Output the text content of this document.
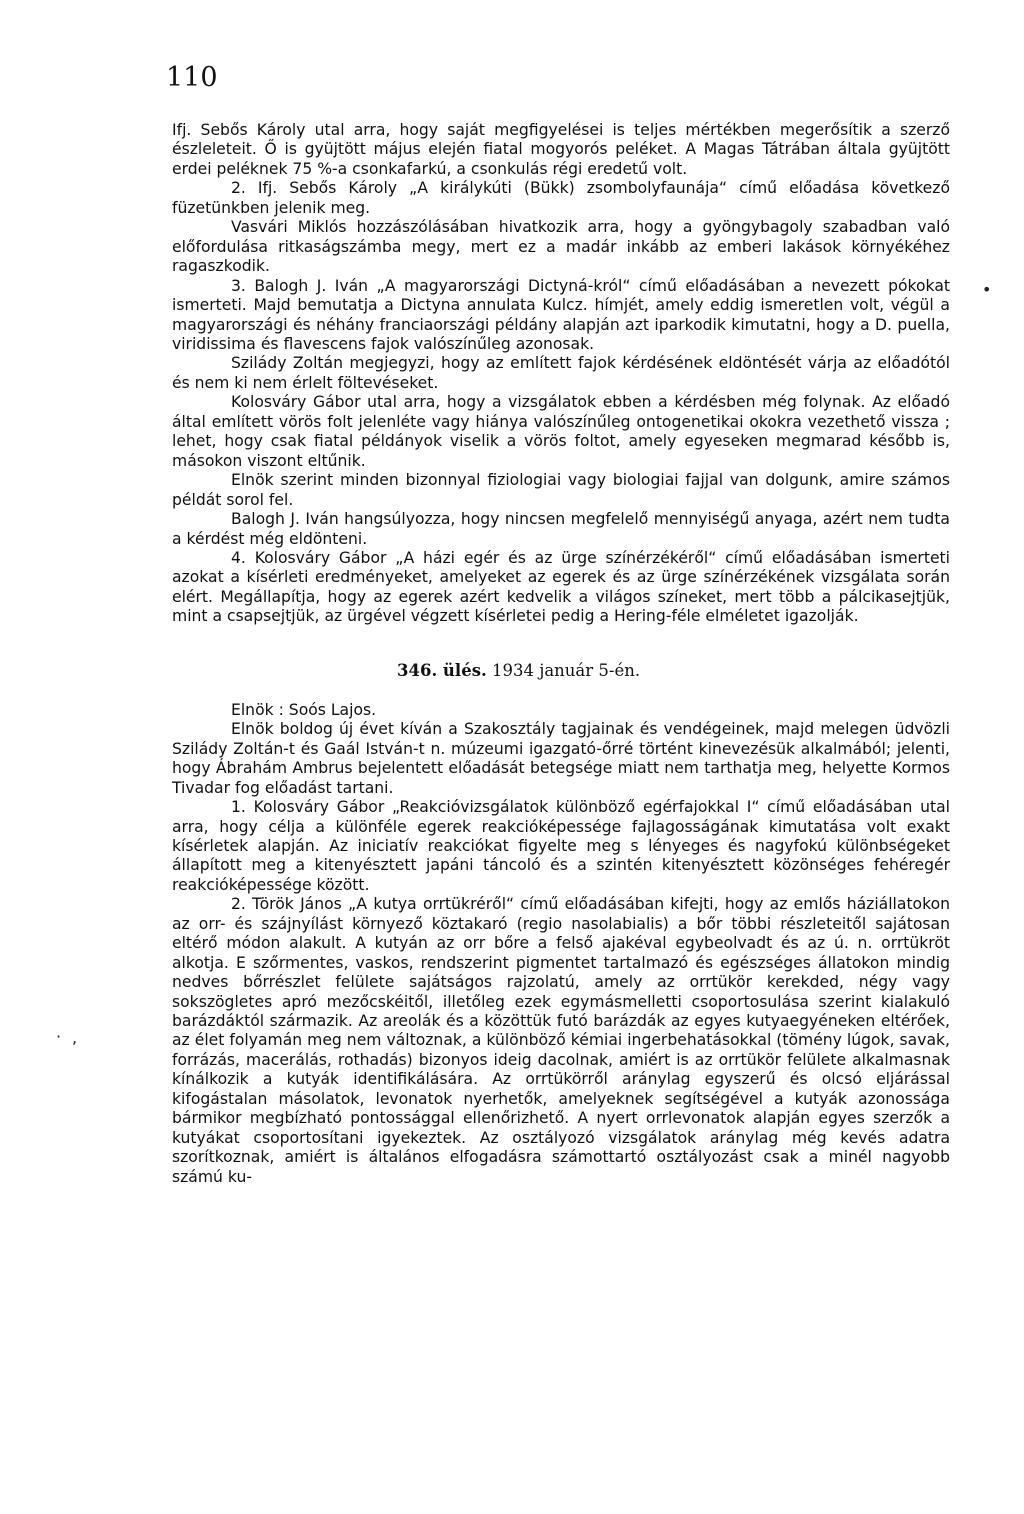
110
•
· ,

Ifj. Sebős Károly utal arra, hogy saját megfigyelései is teljes mértékben megerősítik a szerző észleleteit. Ő is gyüjtött május elején fiatal mogyorós peléket. A Magas Tátrában általa gyüjtött erdei peléknek 75 %-a csonkafarkú, a csonkulás régi eredetű volt.

2. Ifj. Sebős Károly „A királykúti (Bükk) zsombolyfaunája“ című előadása következő füzetünkben jelenik meg.

Vasvári Miklós hozzászólásában hivatkozik arra, hogy a gyöngybagoly szabadban való előfordulása ritkaságszámba megy, mert ez a madár inkább az emberi lakások környékéhez ragaszkodik.

3. Balogh J. Iván „A magyarországi Dictyná-król“ című előadásában a nevezett pókokat ismerteti. Majd bemutatja a Dictyna annulata Kulcz. hímjét, amely eddig ismeretlen volt, végül a magyarországi és néhány franciaországi példány alapján azt iparkodik kimutatni, hogy a D. puella, viridissima és flavescens fajok valószínűleg azonosak.

Sziládу Zoltán megjegyzi, hogy az említett fajok kérdésének eldöntését várja az előadótól és nem ki nem érlelt föltevéseket.

Kolosváry Gábor utal arra, hogy a vizsgálatok ebben a kérdésben még folynak. Az előadó által említett vörös folt jelenléte vagy hiánya valószínűleg ontogenetikai okokra vezethető vissza ; lehet, hogy csak fiatal példányok viselik a vörös foltot, amely egyeseken megmarad később is, másokon viszont eltűnik.

Elnök szerint minden bizonnyal fiziologiai vagy biologiai fajjal van dolgunk, amire számos példát sorol fel.

Balogh J. Iván hangsúlyozza, hogy nincsen megfelelő mennyiségű anyaga, azért nem tudta a kérdést még eldönteni.

4. Kolosváry Gábor „A házi egér és az ürge színérzékéről“ című előadásában ismerteti azokat a kísérleti eredményeket, amelyeket az egerek és az ürge színérzékének vizsgálata során elért. Megállapítja, hogy az egerek azért kedvelik a világos színeket, mert több a pálcikasejtjük, mint a csapsejtjük, az ürgével végzett kísérletei pedig a Hering-féle elméletet igazolják.

346. ülés. 1934 január 5-én.

Elnök : Soós Lajos.

Elnök boldog új évet kíván a Szakosztály tagjainak és vendégeinek, majd melegen üdvözli Sziládу Zoltán-t és Gaál István-t n. múzeumi igazgató-őrré történt kinevezésük alkalmából; jelenti, hogy Ábrahám Ambrus bejelentett előadását betegsége miatt nem tarthatja meg, helyette Kormos Tivadar fog előadást tartani.

1. Kolosváry Gábor „Reakcióvizsgálatok különböző egérfajokkal I“ című előadásában utal arra, hogy célja a különféle egerek reakcióképessége fajlagosságának kimutatása volt exakt kísérletek alapján. Az iniciatív reakciókat figyelte meg s lényeges és nagyfokú különbségeket állapított meg a kitenyésztett japáni táncoló és a szintén kitenyésztett közönséges fehéregér reakcióképessége között.

2. Török János „A kutya orrtükréről“ című előadásában kifejti, hogy az emlős háziállatokon az orr- és szájnyílást környező köztakaró (regio nasolabialis) a bőr többi részleteitől sajátosan eltérő módon alakult. A kutyán az orr bőre a felső ajakéval egybeolvadt és az ú. n. orrtükröt alkotja. E szőrmentes, vaskos, rendszerint pigmentet tartalmazó és egészséges állatokon mindig nedves bőrrészlet felülete sajátságos rajzolatú, amely az orrtükör kerekded, négy vagy sokszögletes apró mezőcskéitől, illetőleg ezek egymásmelletti csoportosulása szerint kialakuló barázdáktól származik. Az areolák és a közöttük futó barázdák az egyes kutyaegyéneken eltérőek, az élet folyamán meg nem változnak, a különböző kémiai ingerbehatásokkal (tömény lúgok, savak, forrázás, macerálás, rothadás) bizonyos ideig dacolnak, amiért is az orrtükör felülete alkalmasnak kínálkozik a kutyák identifikálására. Az orrtükörről aránylag egyszerű és olcsó eljárással kifogástalan másolatok, levonatok nyerhetők, amelyeknek segítségével a kutyák azonossága bármikor megbízható pontossággal ellenőrizhető. A nyert orrlevonatok alapján egyes szerzők a kutyákat csoportosítani igyekeztek. Az osztályozó vizsgálatok aránylag még kevés adatra szorítkoznak, amiért is általános elfogadásra számottartó osztályozást csak a minél nagyobb számú ku-
